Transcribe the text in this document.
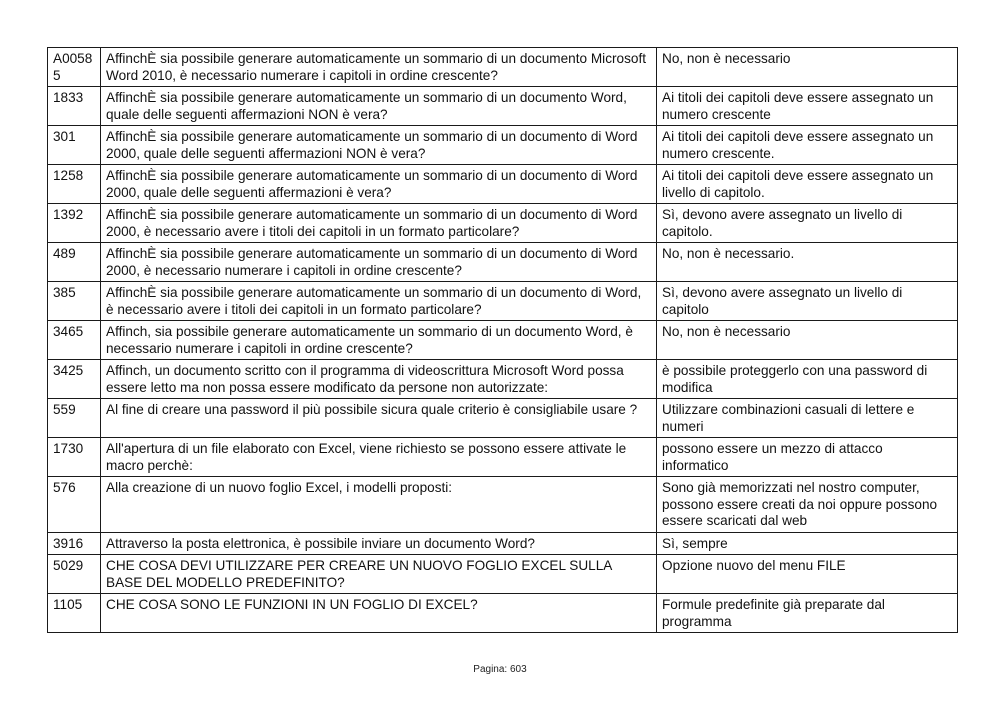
A0058 5	AffinchÈ sia possibile generare automaticamente un sommario di un documento Microsoft Word 2010, è necessario numerare i capitoli in ordine crescente?	No, non è necessario
1833	AffinchÈ sia possibile generare automaticamente un sommario di un documento Word, quale delle seguenti affermazioni NON è vera?	Ai titoli dei capitoli deve essere assegnato un numero crescente
301	AffinchÈ sia possibile generare automaticamente un sommario di un documento di Word 2000, quale delle seguenti affermazioni NON è vera?	Ai titoli dei capitoli deve essere assegnato un numero crescente.
1258	AffinchÈ sia possibile generare automaticamente un sommario di un documento di Word 2000, quale delle seguenti affermazioni è vera?	Ai titoli dei capitoli deve essere assegnato un livello di capitolo.
1392	AffinchÈ sia possibile generare automaticamente un sommario di un documento di Word 2000, è necessario avere i titoli dei capitoli in un formato particolare?	Sì, devono avere assegnato un livello di capitolo.
489	AffinchÈ sia possibile generare automaticamente un sommario di un documento di Word 2000, è necessario numerare i capitoli in ordine crescente?	No, non è necessario.
385	AffinchÈ sia possibile generare automaticamente un sommario di un documento di Word, è necessario avere i titoli dei capitoli in un formato particolare?	Sì, devono avere assegnato un livello di capitolo
3465	Affinch, sia possibile generare automaticamente un sommario di un documento Word, è necessario numerare i capitoli in ordine crescente?	No, non è necessario
3425	Affinch, un documento scritto con il programma di videoscrittura Microsoft Word possa essere letto ma non possa essere modificato da persone non autorizzate:	è possibile proteggerlo con una password di modifica
559	Al fine di creare una password il più possibile sicura quale criterio è consigliabile usare ?	Utilizzare combinazioni casuali di lettere e numeri
1730	All'apertura di un file elaborato con Excel, viene richiesto se possono essere attivate le macro perchè:	possono essere un mezzo di attacco informatico
576	Alla creazione di un nuovo foglio Excel, i modelli proposti:	Sono già memorizzati nel nostro computer, possono essere creati da noi oppure possono essere scaricati dal web
3916	Attraverso la posta elettronica, è possibile inviare un documento Word?	Sì, sempre
5029	CHE COSA DEVI UTILIZZARE PER CREARE UN NUOVO FOGLIO EXCEL SULLA BASE DEL MODELLO PREDEFINITO?	Opzione nuovo del menu FILE
1105	CHE COSA SONO LE FUNZIONI IN UN FOGLIO DI EXCEL?	Formule predefinite già preparate dal programma
Pagina: 603
